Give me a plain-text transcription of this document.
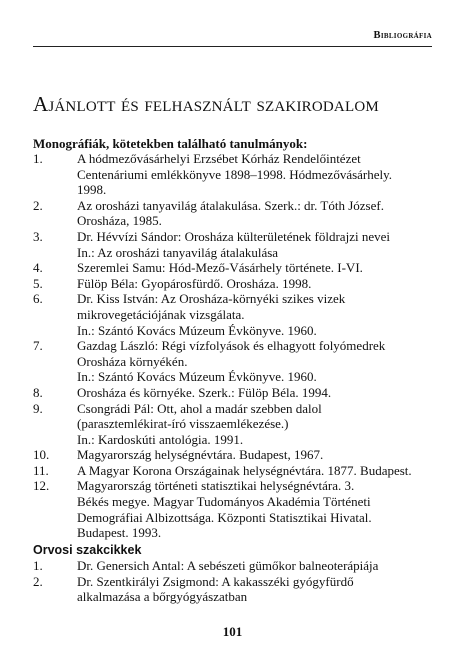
Bibliográfia
Ajánlott és felhasznált szakirodalom
Monográfiák, kötetekben található tanulmányok:
1.	A hódmezővásárhelyi Erzsébet Kórház Rendelőintézet
Centenáriumi emlékkönyve 1898–1998. Hódmezővásárhely.
1998.
2.	Az orosházi tanyavilág átalakulása. Szerk.: dr. Tóth József.
Orosháza, 1985.
3.	Dr. Hévvízi Sándor: Orosháza külterületének földrajzi nevei
In.: Az orosházi tanyavilág átalakulása
4.	Szeremlei Samu: Hód-Mező-Vásárhely története. I-VI.
5.	Fülöp Béla: Gyopárosfürdő. Orosháza. 1998.
6.	Dr. Kiss István: Az Orosháza-környéki szikes vizek
mikrovegetációjának vizsgálata.
In.: Szántó Kovács Múzeum Évkönyve. 1960.
7.	Gazdag László: Régi vízfolyások és elhagyott folyómedrek
Orosháza környékén.
In.: Szántó Kovács Múzeum Évkönyve. 1960.
8.	Orosháza és környéke. Szerk.: Fülöp Béla. 1994.
9.	Csongrádi Pál: Ott, ahol a madár szebben dalol
(parasztemlékirat-író visszaemlékezése.)
In.: Kardoskúti antológia. 1991.
10.	Magyarország helységnévtára. Budapest, 1967.
11.	A Magyar Korona Országainak helységnévtára. 1877. Budapest.
12.	Magyarország történeti statisztikai helységnévtára. 3.
Békés megye. Magyar Tudományos Akadémia Történeti
Demográfiai Albizottsága. Központi Statisztikai Hivatal.
Budapest. 1993.
Orvosi szakcikkek
1.	Dr. Genersich Antal: A sebészeti gümőkor balneoterápiája
2.	Dr. Szentkirályi Zsigmond: A kakasszéki gyógyfürdő
alkalmazása a bőrgyógyászatban
101
